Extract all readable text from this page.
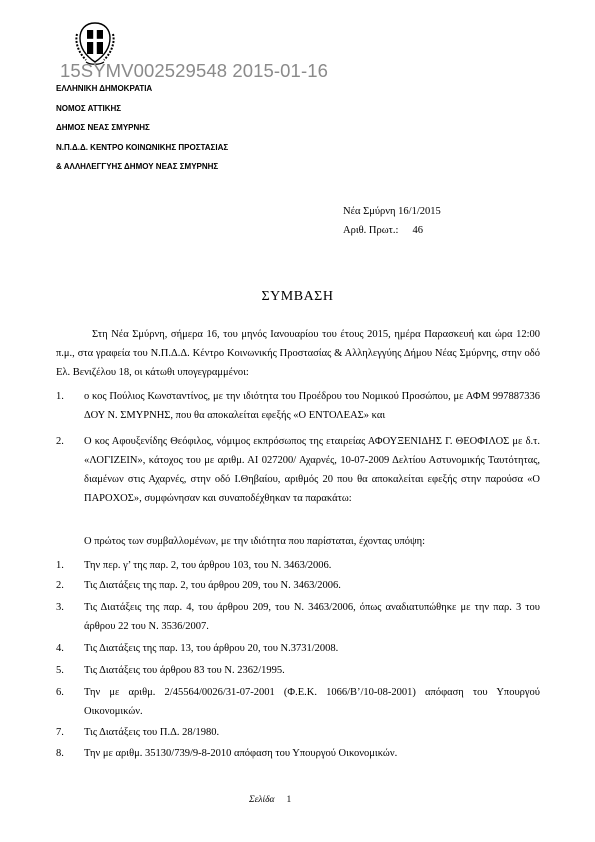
15SYMV002529548 2015-01-16
ΕΛΛΗΝΙΚΗ ΔΗΜΟΚΡΑΤΙΑ
ΝΟΜΟΣ ΑΤΤΙΚΗΣ
ΔΗΜΟΣ ΝΕΑΣ ΣΜΥΡΝΗΣ
Ν.Π.Δ.Δ. ΚΕΝΤΡΟ ΚΟΙΝΩΝΙΚΗΣ ΠΡΟΣΤΑΣΙΑΣ
& ΑΛΛΗΛΕΓΓΥΗΣ ΔΗΜΟΥ ΝΕΑΣ ΣΜΥΡΝΗΣ
Νέα Σμύρνη 16/1/2015
Αριθ. Πρωτ.: 46
ΣΥΜΒΑΣΗ
Στη Νέα Σμύρνη, σήμερα 16, του μηνός Ιανουαρίου του έτους 2015, ημέρα Παρασκευή και ώρα 12:00 π.μ., στα γραφεία του Ν.Π.Δ.Δ. Κέντρο Κοινωνικής Προστασίας & Αλληλεγγύης Δήμου Νέας Σμύρνης, στην οδό Ελ. Βενιζέλου 18, οι κάτωθι υπογεγραμμένοι:
1. ο κος Πούλιος Κωνσταντίνος, με την ιδιότητα του Προέδρου του Νομικού Προσώπου, με ΑΦΜ 997887336 ΔΟΥ Ν. ΣΜΥΡΝΗΣ, που θα αποκαλείται εφεξής «Ο ΕΝΤΟΛΕΑΣ» και
2. Ο κος Αφουξενίδης Θεόφιλος, νόμιμος εκπρόσωπος της εταιρείας ΑΦΟΥΞΕΝΙΔΗΣ Γ. ΘΕΟΦΙΛΟΣ με δ.τ. «ΛΟΓΙΖΕΙΝ», κάτοχος του με αριθμ. ΑΙ 027200/ Αχαρνές, 10-07-2009 Δελτίου Αστυνομικής Ταυτότητας, διαμένων στις Αχαρνές, στην οδό Ι.Θηβαίου, αριθμός 20 που θα αποκαλείται εφεξής στην παρούσα «Ο ΠΑΡΟΧΟΣ», συμφώνησαν και συναποδέχθηκαν τα παρακάτω:
Ο πρώτος των συμβαλλομένων, με την ιδιότητα που παρίσταται, έχοντας υπόψη:
1. Την περ. γ’ της παρ. 2, του άρθρου 103, του Ν. 3463/2006.
2. Τις Διατάξεις της παρ. 2, του άρθρου 209, του Ν. 3463/2006.
3. Τις Διατάξεις της παρ. 4, του άρθρου 209, του Ν. 3463/2006, όπως αναδιατυπώθηκε με την παρ. 3 του άρθρου 22 του Ν. 3536/2007.
4. Τις Διατάξεις της παρ. 13, του άρθρου 20, του Ν.3731/2008.
5. Τις Διατάξεις του άρθρου 83 του Ν. 2362/1995.
6. Την με αριθμ. 2/45564/0026/31-07-2001 (Φ.Ε.Κ. 1066/Β’/10-08-2001) απόφαση του Υπουργού Οικονομικών.
7. Τις Διατάξεις του Π.Δ. 28/1980.
8. Την με αριθμ. 35130/739/9-8-2010 απόφαση του Υπουργού Οικονομικών.
Σελίδα 1
